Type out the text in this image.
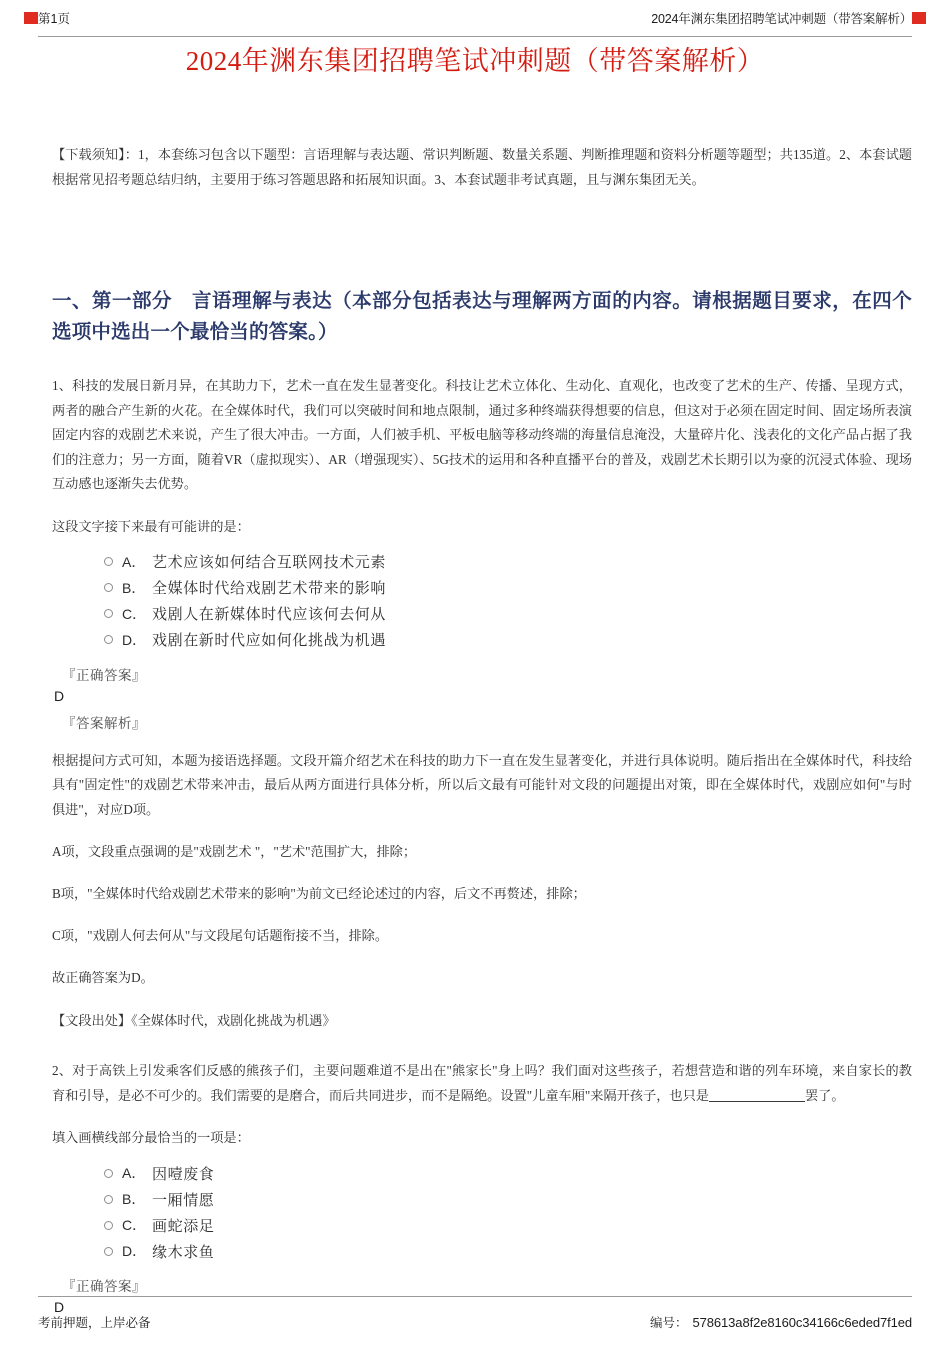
第1页	2024年渊东集团招聘笔试冲刺题（带答案解析）
2024年渊东集团招聘笔试冲刺题（带答案解析）

【下载须知】：1，本套练习包含以下题型：言语理解与表达题、常识判断题、数量关系题、判断推理题和资料分析题等题型；共135道。2、本套试题根据常见招考题总结归纳，主要用于练习答题思路和拓展知识面。3、本套试题非考试真题，且与渊东集团无关。

一、第一部分　言语理解与表达（本部分包括表达与理解两方面的内容。请根据题目要求，在四个选项中选出一个最恰当的答案。）

1、科技的发展日新月异，在其助力下，艺术一直在发生显著变化。科技让艺术立体化、生动化、直观化，也改变了艺术的生产、传播、呈现方式，两者的融合产生新的火花。在全媒体时代，我们可以突破时间和地点限制，通过多种终端获得想要的信息，但这对于必须在固定时间、固定场所表演固定内容的戏剧艺术来说，产生了很大冲击。一方面，人们被手机、平板电脑等移动终端的海量信息淹没，大量碎片化、浅表化的文化产品占据了我们的注意力；另一方面，随着VR（虚拟现实）、AR（增强现实）、5G技术的运用和各种直播平台的普及，戏剧艺术长期引以为豪的沉浸式体验、现场互动感也逐渐失去优势。

这段文字接下来最有可能讲的是：

A． 艺术应该如何结合互联网技术元素
B． 全媒体时代给戏剧艺术带来的影响
C． 戏剧人在新媒体时代应该何去何从
D． 戏剧在新时代应如何化挑战为机遇
『正确答案』
D
『答案解析』

根据提问方式可知，本题为接语选择题。文段开篇介绍艺术在科技的助力下一直在发生显著变化，并进行具体说明。随后指出在全媒体时代，科技给具有"固定性"的戏剧艺术带来冲击，最后从两方面进行具体分析，所以后文最有可能针对文段的问题提出对策，即在全媒体时代，戏剧应如何"与时俱进"，对应D项。

A项，文段重点强调的是"戏剧艺术 "，"艺术"范围扩大，排除；

B项，"全媒体时代给戏剧艺术带来的影响"为前文已经论述过的内容，后文不再赘述，排除；

C项，"戏剧人何去何从"与文段尾句话题衔接不当，排除。

故正确答案为D。

【文段出处】《全媒体时代，戏剧化挑战为机遇》

2、对于高铁上引发乘客们反感的熊孩子们，主要问题难道不是出在"熊家长"身上吗？我们面对这些孩子，若想营造和谐的列车环境，来自家长的教育和引导，是必不可少的。我们需要的是磨合，而后共同进步，而不是隔绝。设置"儿童车厢"来隔开孩子，也只是	罢了。

填入画横线部分最恰当的一项是：

A． 因噎废食
B． 一厢情愿
C． 画蛇添足
D． 缘木求鱼
『正确答案』
D
考前押题，上岸必备	编号： 578613a8f2e8160c34166c6eded7f1ed
